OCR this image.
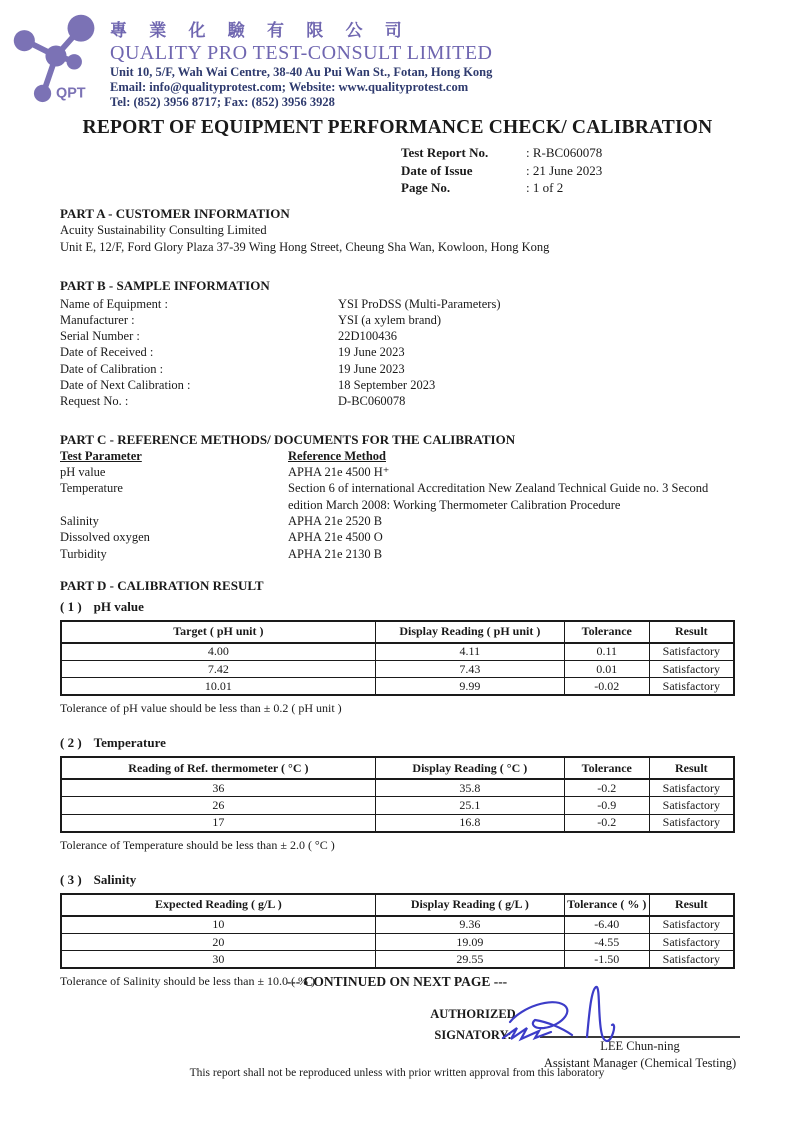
QPT
專 業 化 驗 有 限 公 司
QUALITY PRO TEST-CONSULT LIMITED
Unit 10, 5/F, Wah Wai Centre, 38-40 Au Pui Wan St., Fotan, Hong Kong
Email: info@qualityprotest.com; Website: www.qualityprotest.com
Tel: (852) 3956 8717; Fax: (852) 3956 3928
REPORT OF EQUIPMENT PERFORMANCE CHECK/ CALIBRATION
Test Report No.	: R-BC060078
Date of Issue	: 21 June 2023
Page No.	: 1 of 2
PART A - CUSTOMER INFORMATION
Acuity Sustainability Consulting Limited
Unit E, 12/F, Ford Glory Plaza 37-39 Wing Hong Street, Cheung Sha Wan, Kowloon, Hong Kong
PART B - SAMPLE INFORMATION
Name of Equipment :	YSI ProDSS (Multi-Parameters)
Manufacturer :	YSI (a xylem brand)
Serial Number :	22D100436
Date of Received :	19 June 2023
Date of Calibration :	19 June 2023
Date of Next Calibration :	18 September 2023
Request No. :	D-BC060078
PART C - REFERENCE METHODS/ DOCUMENTS FOR THE CALIBRATION
Test Parameter	Reference Method
pH value	APHA 21e 4500 H⁺
Temperature	Section 6 of international Accreditation New Zealand Technical Guide no. 3 Second edition March 2008: Working Thermometer Calibration Procedure
Salinity	APHA 21e 2520 B
Dissolved oxygen	APHA 21e 4500 O
Turbidity	APHA 21e 2130 B
PART D - CALIBRATION RESULT
( 1 ) pH value
Target ( pH unit )	Display Reading ( pH unit )	Tolerance	Result
4.00	4.11	0.11	Satisfactory
7.42	7.43	0.01	Satisfactory
10.01	9.99	-0.02	Satisfactory
Tolerance of pH value should be less than ± 0.2 ( pH unit )
( 2 ) Temperature
Reading of Ref. thermometer ( °C )	Display Reading ( °C )	Tolerance	Result
36	35.8	-0.2	Satisfactory
26	25.1	-0.9	Satisfactory
17	16.8	-0.2	Satisfactory
Tolerance of Temperature should be less than ± 2.0 ( °C )
( 3 ) Salinity
Expected Reading ( g/L )	Display Reading ( g/L )	Tolerance ( % )	Result
10	9.36	-6.40	Satisfactory
20	19.09	-4.55	Satisfactory
30	29.55	-1.50	Satisfactory
Tolerance of Salinity should be less than ± 10.0 ( % )
--- CONTINUED ON NEXT PAGE ---
AUTHORIZED
SIGNATORY:
LEE Chun-ning
Assistant Manager (Chemical Testing)
This report shall not be reproduced unless with prior written approval from this laboratory
